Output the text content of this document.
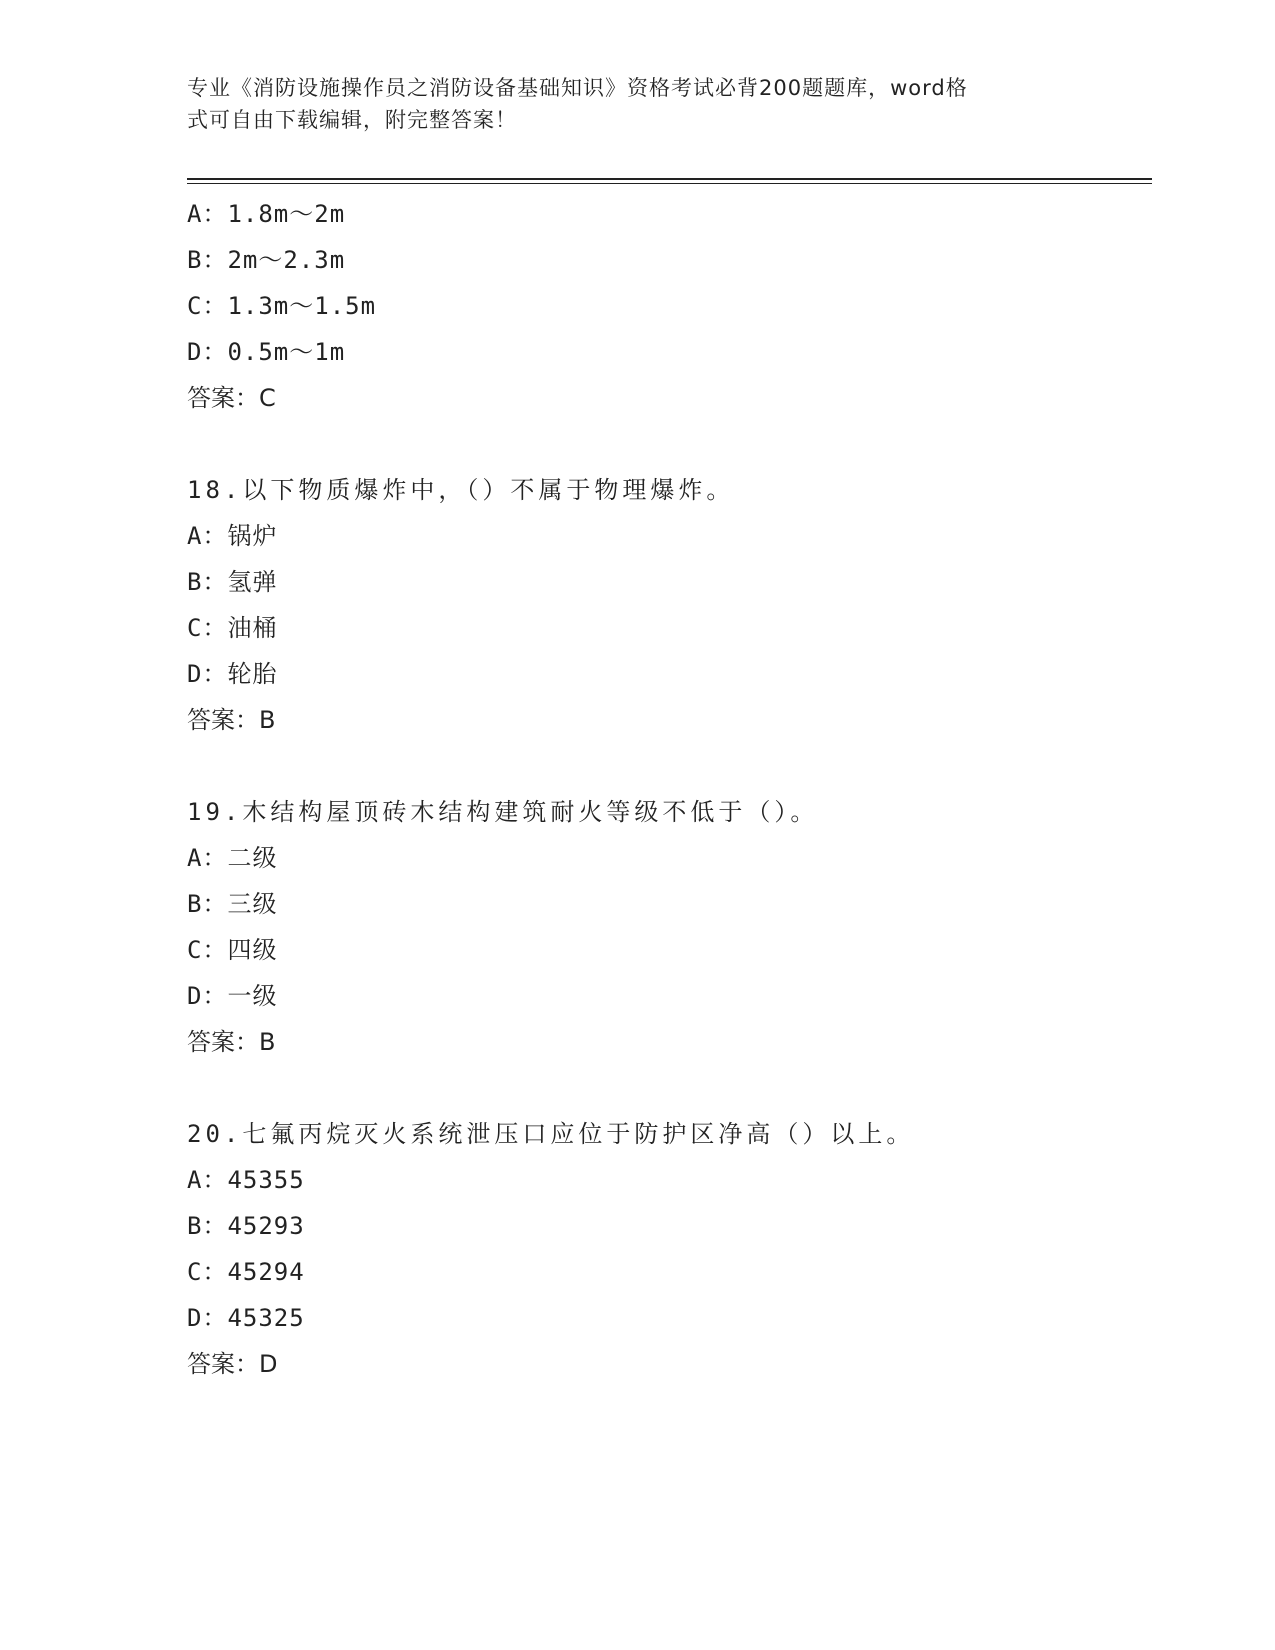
专业《消防设施操作员之消防设备基础知识》资格考试必背200题题库，word格
式可自由下载编辑，附完整答案！
A：1.8m～2m
B：2m～2.3m
C：1.3m～1.5m
D：0.5m～1m
答案：C
18.以下物质爆炸中，（）不属于物理爆炸。
A：锅炉
B：氢弹
C：油桶
D：轮胎
答案：B
19.木结构屋顶砖木结构建筑耐火等级不低于（）。
A：二级
B：三级
C：四级
D：一级
答案：B
20.七氟丙烷灭火系统泄压口应位于防护区净高（）以上。
A：45355
B：45293
C：45294
D：45325
答案：D
